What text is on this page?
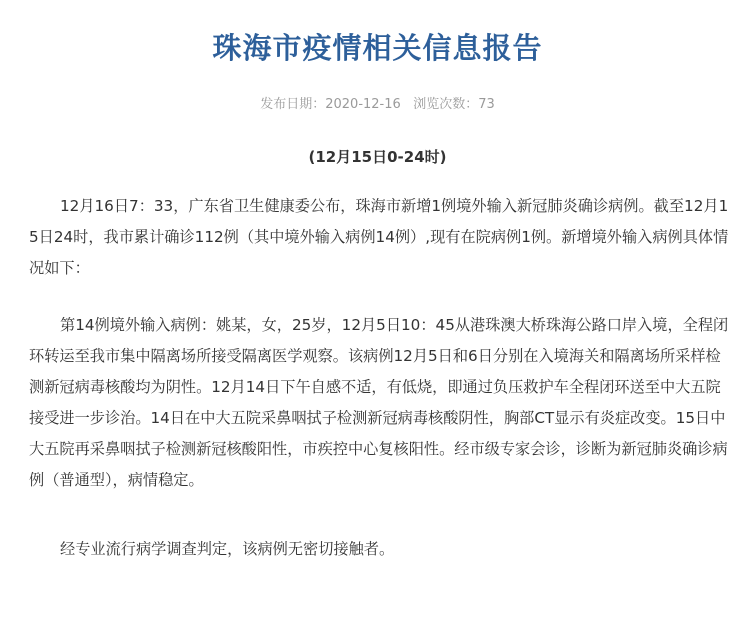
珠海市疫情相关信息报告
发布日期：2020-12-16 浏览次数：73
(12月15日0-24时)

12月16日7：33，广东省卫生健康委公布，珠海市新增1例境外输入新冠肺炎确诊病例。截至12月15日24时，我市累计确诊112例（其中境外输入病例14例）,现有在院病例1例。新增境外输入病例具体情况如下：

第14例境外输入病例：姚某，女，25岁，12月5日10：45从港珠澳大桥珠海公路口岸入境，全程闭环转运至我市集中隔离场所接受隔离医学观察。该病例12月5日和6日分别在入境海关和隔离场所采样检测新冠病毒核酸均为阴性。12月14日下午自感不适，有低烧，即通过负压救护车全程闭环送至中大五院接受进一步诊治。14日在中大五院采鼻咽拭子检测新冠病毒核酸阴性，胸部CT显示有炎症改变。15日中大五院再采鼻咽拭子检测新冠核酸阳性，市疾控中心复核阳性。经市级专家会诊，诊断为新冠肺炎确诊病例（普通型），病情稳定。

经专业流行病学调查判定，该病例无密切接触者。
